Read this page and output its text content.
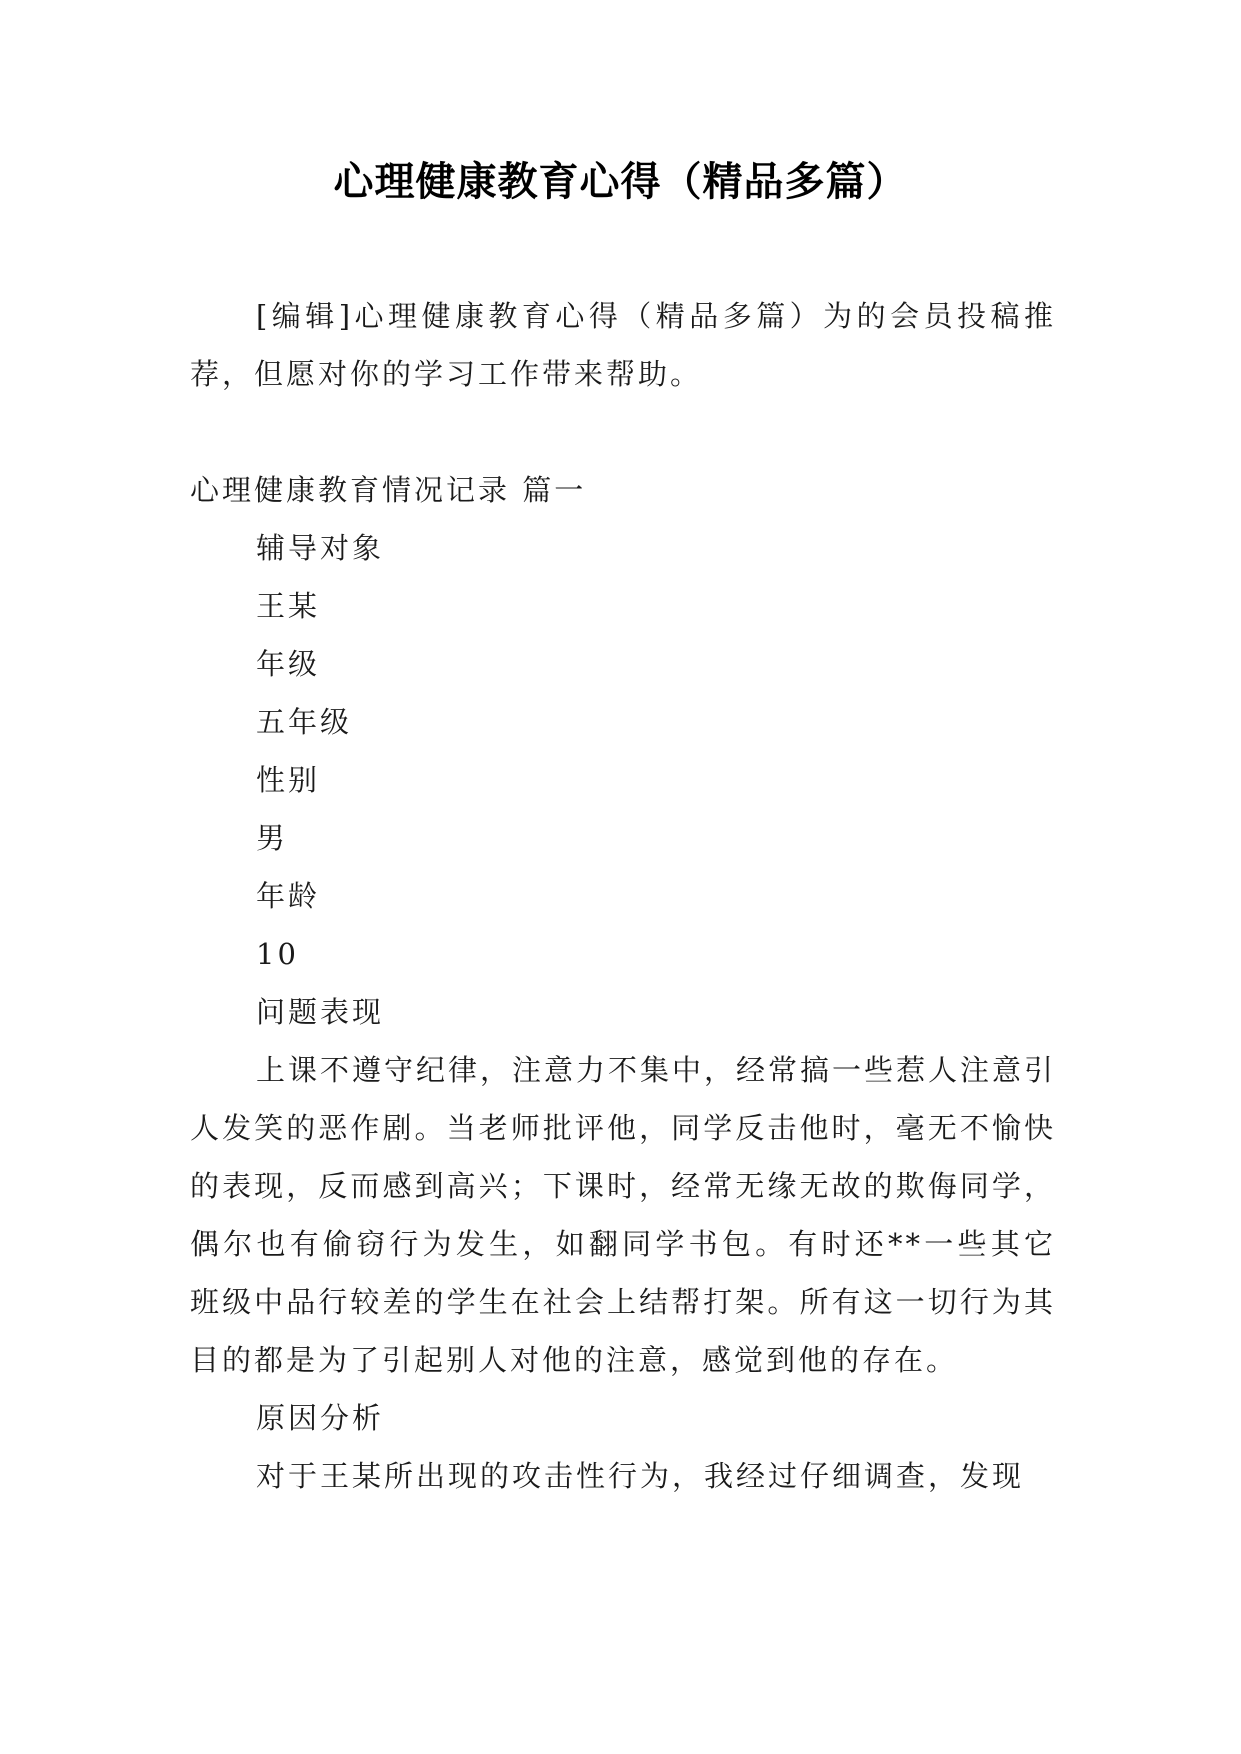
心理健康教育心得（精品多篇）

[编辑]心理健康教育心得（精品多篇）为的会员投稿推荐，但愿对你的学习工作带来帮助。

心理健康教育情况记录 篇一

辅导对象

王某

年级

五年级

性别

男

年龄

10

问题表现

上课不遵守纪律，注意力不集中，经常搞一些惹人注意引人发笑的恶作剧。当老师批评他，同学反击他时，毫无不愉快的表现，反而感到高兴；下课时，经常无缘无故的欺侮同学，偶尔也有偷窃行为发生，如翻同学书包。有时还**一些其它班级中品行较差的学生在社会上结帮打架。所有这一切行为其目的都是为了引起别人对他的注意，感觉到他的存在。

原因分析

对于王某所出现的攻击性行为，我经过仔细调查，发现
